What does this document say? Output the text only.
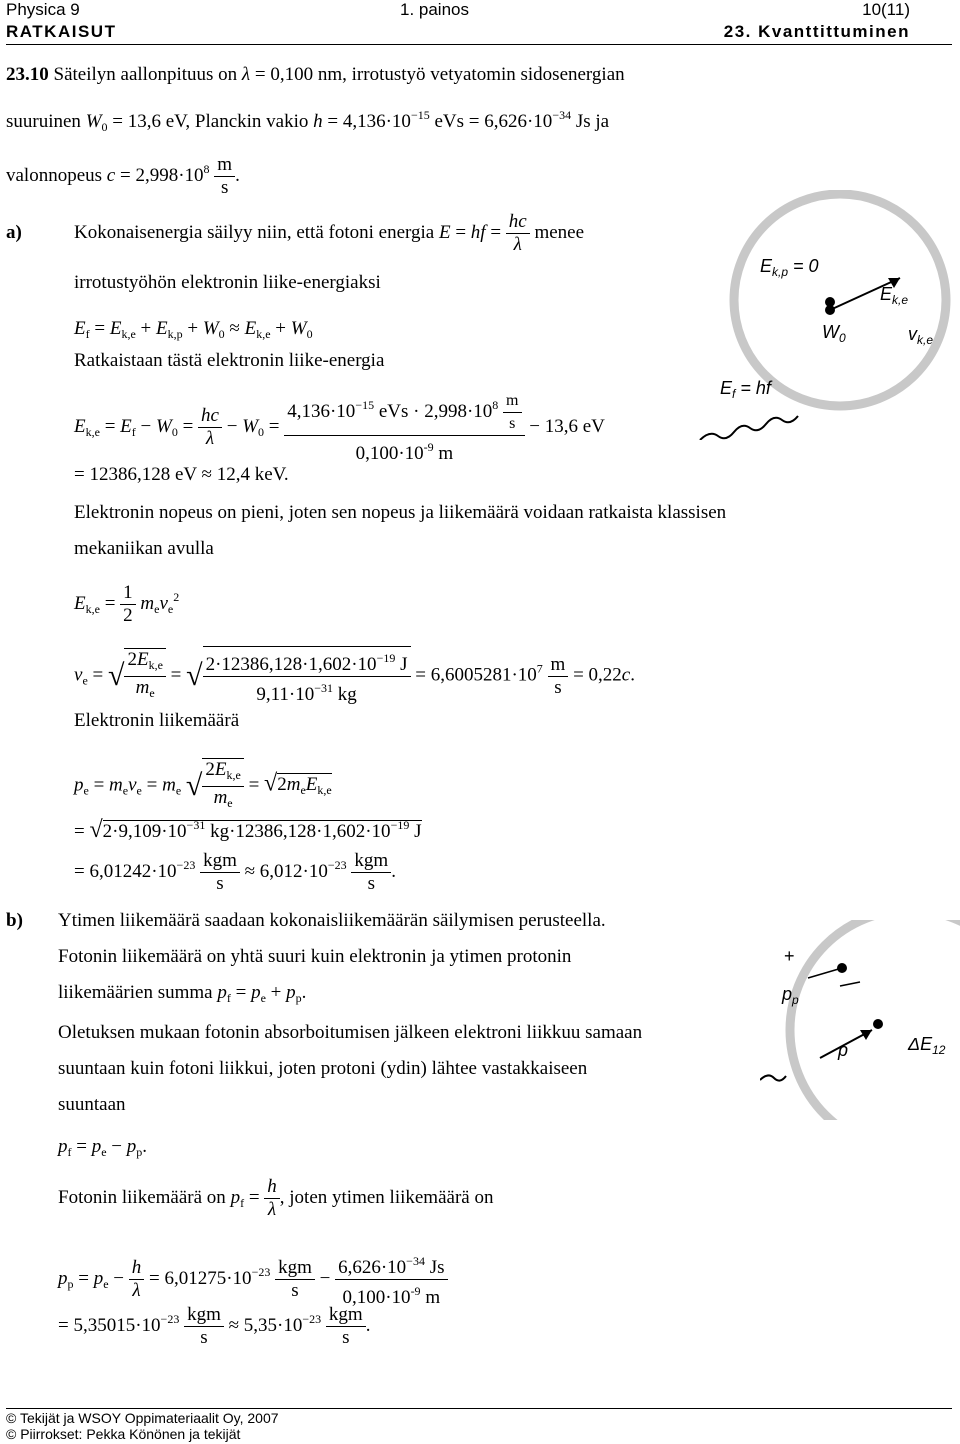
Physica 9	1. painos	10(11)
RATKAISUT	23. Kvanttittuminen
23.10 Säteilyn aallonpituus on λ = 0,100 nm, irrotustyö vetyatomin sidosenergian
suuruinen $W_0 = 13,6$ eV, Planckin vakio $h = 4,136\cdot 10^{-15}$ eVs = $6,626\cdot 10^{-34}$ Js ja
valonnopeus $c = 2,998\cdot 10^8 \frac{m}{s}$ .
a)	Kokonaisenergia säilyy niin, että fotoni energia E = hf = $\frac{hc}{\lambda}$ menee
irrotustyöhön elektronin liike-energiaksi
$E_f = E_{k,e} + E_{k,p} + W_0 \approx E_{k,e} + W_0$
Ratkaistaan tästä elektronin liike-energia
$E_{k,e} = E_f - W_0 = \frac{hc}{\lambda} - W_0 = \frac{4,136\cdot 10^{-15} eVs \cdot 2,998\cdot 10^8 \frac{m}{s}}{0,100\cdot 10^{-9} m} - 13,6$ eV
= 12386,128 eV ≈ 12,4 keV.
Elektronin nopeus on pieni, joten sen nopeus ja liikemäärä voidaan ratkaista klassisen
mekaniikan avulla
$E_{k,e} = \frac{1}{2} m_ev_e^2$
$v_e$ = √ $\frac{2E_{k,e}}{m_e}$ = √ $\frac{2\cdot 12386,128\cdot 1,602\cdot 10^{-19} J}{9,11\cdot 10^{-31} kg} = 6,6005281\cdot 10^7 \frac{m}{s} = 0,22c$.
Elektronin liikemäärä
$p_e = m_ev_e = m_e$ √ $\frac{2E_{k,e}}{m_e} = √2m_eE_{k,e}$
= $√2\cdot 9,109\cdot 10^{-31}$ $kg\cdot 12386,128\cdot 1,602\cdot 10^{-19}$ J
= $6,01242\cdot 10^{-23} \frac{\text{kgm}}{s} \approx 6,012\cdot 10^{-23} \frac{\text{kgm}}{s}$ .
b) Ytimen liikemäärä saadaan kokonaisliikemäärän säilymisen perusteella.
Fotonin liikemäärä on yhtä suuri kuin elektronin ja ytimen protonin
liikemäärien summa $p_f = p_e + p_p$.
Oletuksen mukaan fotonin absorboitumisen jälkeen elektroni liikkuu samaan
suuntaan kuin fotoni liikkui, joten protoni (ydin) lähtee vastakkaiseen
suuntaan
$p_f = p_e - p_p$.
Fotonin liikemäärä on $p_f = \frac{h}{\lambda}$ , joten ytimen liikemäärä on
$p_p = p_e - \frac{h}{\lambda} = 6,01275\cdot 10^{-23} \frac{\text{kgm}}{s} - \frac{6,626\cdot 10^{-34} Js}{0,100\cdot 10^{-9} m}$
= $5,35015\cdot 10^{-23} \frac{\text{kgm}}{s} \approx 5,35\cdot 10^{-23} \frac{\text{kgm}}{s}$ .
$E_{k,p} = 0$
$E_{k,e}$
$W_0$	$v_{k,e}$
$E_f$ = hf
+
$p_p$
p	$\Delta E_{12}$
© Tekijät ja WSOY Oppimateriaalit Oy, 2007
© Piirrokset: Pekka Könönen ja tekijät
